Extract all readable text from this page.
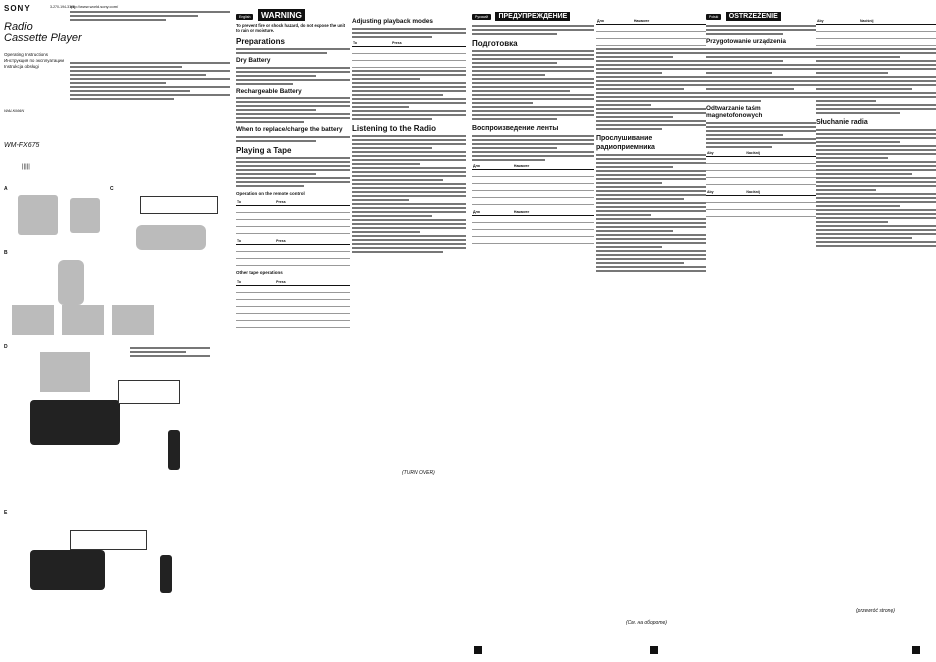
SONY	3-270-194-31(1)
Radio
Cassette Player
Operating Instructions
Инструкция по эксплуатации
Instrukcja obsługi
WALKMAN
WM-FX675
|||||
http://www.world.sony.com/
A	C
B
D
E
English WARNING
To prevent fire or shock hazard, do not expose the unit to rain or moisture.
Preparations
Dry Battery
Rechargeable Battery
When to replace/charge the battery
Playing a Tape
Operation on the remote control
To	Press

To	Press

Other tape operations
To	Press

Adjusting playback modes
To	Press

Listening to the Radio
(TURN OVER)
Русский ПРЕДУПРЕЖДЕНИЕ
Подготовка
Воспроизведение ленты
Для	Нажмите

Для	Нажмите

Для	Нажмите

Прослушивание радиоприемника
(См. на обороте)
Polski OSTRZEŻENIE
Przygotowanie urządzenia
Odtwarzanie taśm magnetofonowych
Aby	Naciśnij

Aby	Naciśnij

Aby	Naciśnij

Słuchanie radia
(przewróć stronę)
